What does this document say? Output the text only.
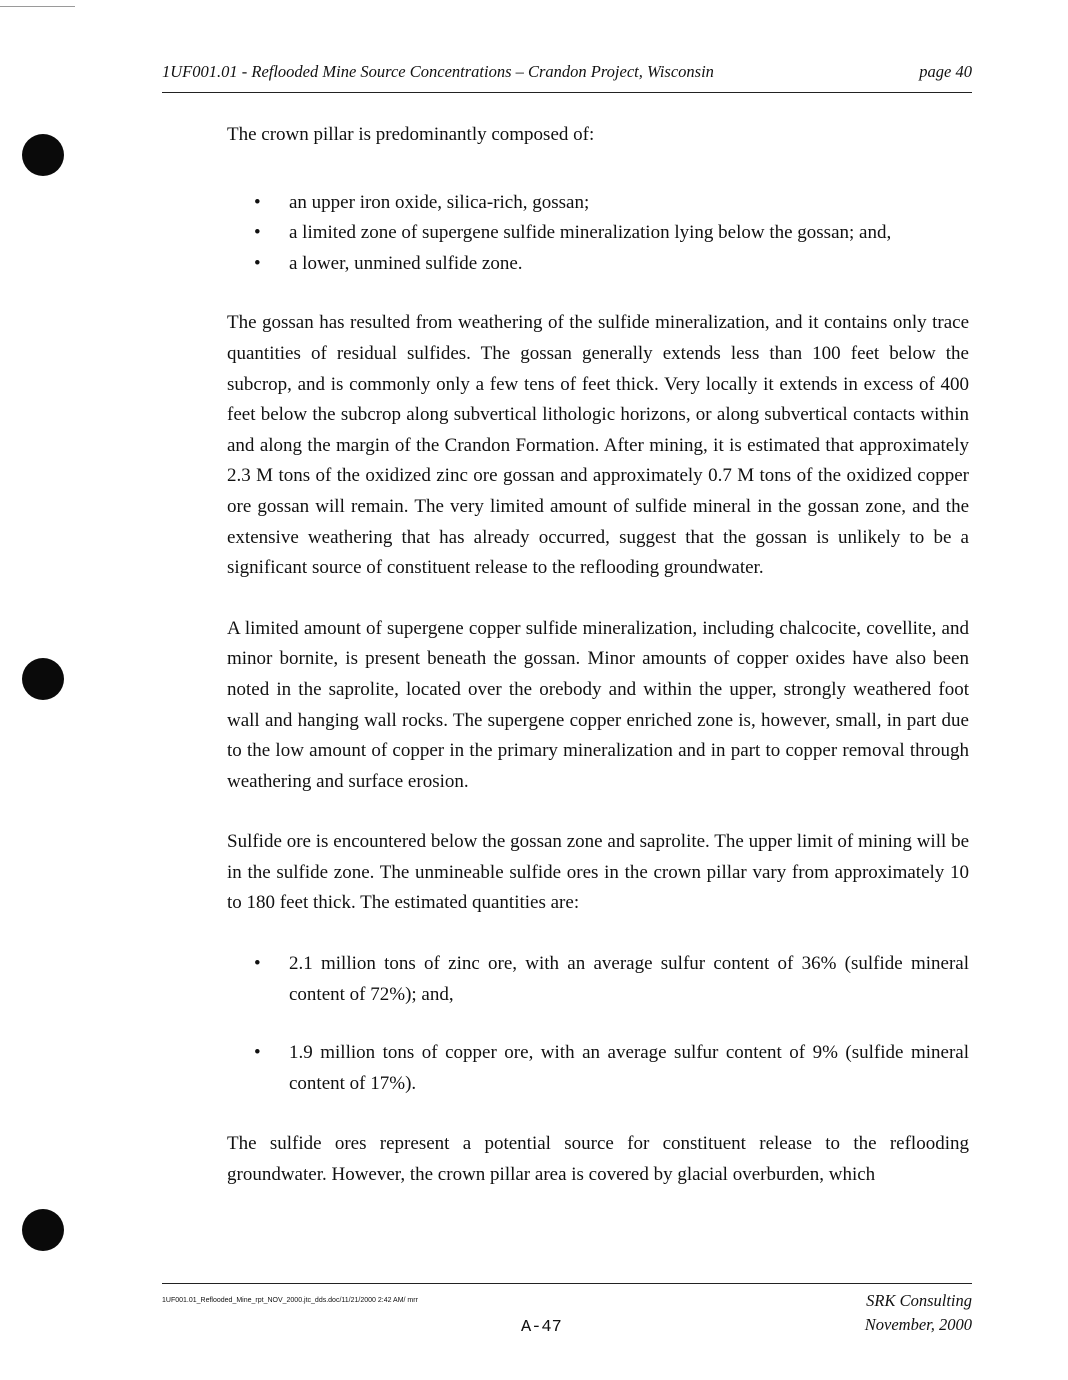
1UF001.01 - Reflooded Mine Source Concentrations – Crandon Project, Wisconsin	page 40

The crown pillar is predominantly composed of:

• an upper iron oxide, silica-rich, gossan;
• a limited zone of supergene sulfide mineralization lying below the gossan; and,
• a lower, unmined sulfide zone.

The gossan has resulted from weathering of the sulfide mineralization, and it contains only trace quantities of residual sulfides. The gossan generally extends less than 100 feet below the subcrop, and is commonly only a few tens of feet thick. Very locally it extends in excess of 400 feet below the subcrop along subvertical lithologic horizons, or along subvertical contacts within and along the margin of the Crandon Formation. After mining, it is estimated that approximately 2.3 M tons of the oxidized zinc ore gossan and approximately 0.7 M tons of the oxidized copper ore gossan will remain. The very limited amount of sulfide mineral in the gossan zone, and the extensive weathering that has already occurred, suggest that the gossan is unlikely to be a significant source of constituent release to the reflooding groundwater.

A limited amount of supergene copper sulfide mineralization, including chalcocite, covellite, and minor bornite, is present beneath the gossan. Minor amounts of copper oxides have also been noted in the saprolite, located over the orebody and within the upper, strongly weathered foot wall and hanging wall rocks. The supergene copper enriched zone is, however, small, in part due to the low amount of copper in the primary mineralization and in part to copper removal through weathering and surface erosion.

Sulfide ore is encountered below the gossan zone and saprolite. The upper limit of mining will be in the sulfide zone. The unmineable sulfide ores in the crown pillar vary from approximately 10 to 180 feet thick. The estimated quantities are:

• 2.1 million tons of zinc ore, with an average sulfur content of 36% (sulfide mineral content of 72%); and,
• 1.9 million tons of copper ore, with an average sulfur content of 9% (sulfide mineral content of 17%).

The sulfide ores represent a potential source for constituent release to the reflooding groundwater. However, the crown pillar area is covered by glacial overburden, which

1UF001.01_Reflooded_Mine_rpt_NOV_2000.jtc_dds.doc/11/21/2000 2:42 AM/ mrr	SRK Consulting
November, 2000
A-47
